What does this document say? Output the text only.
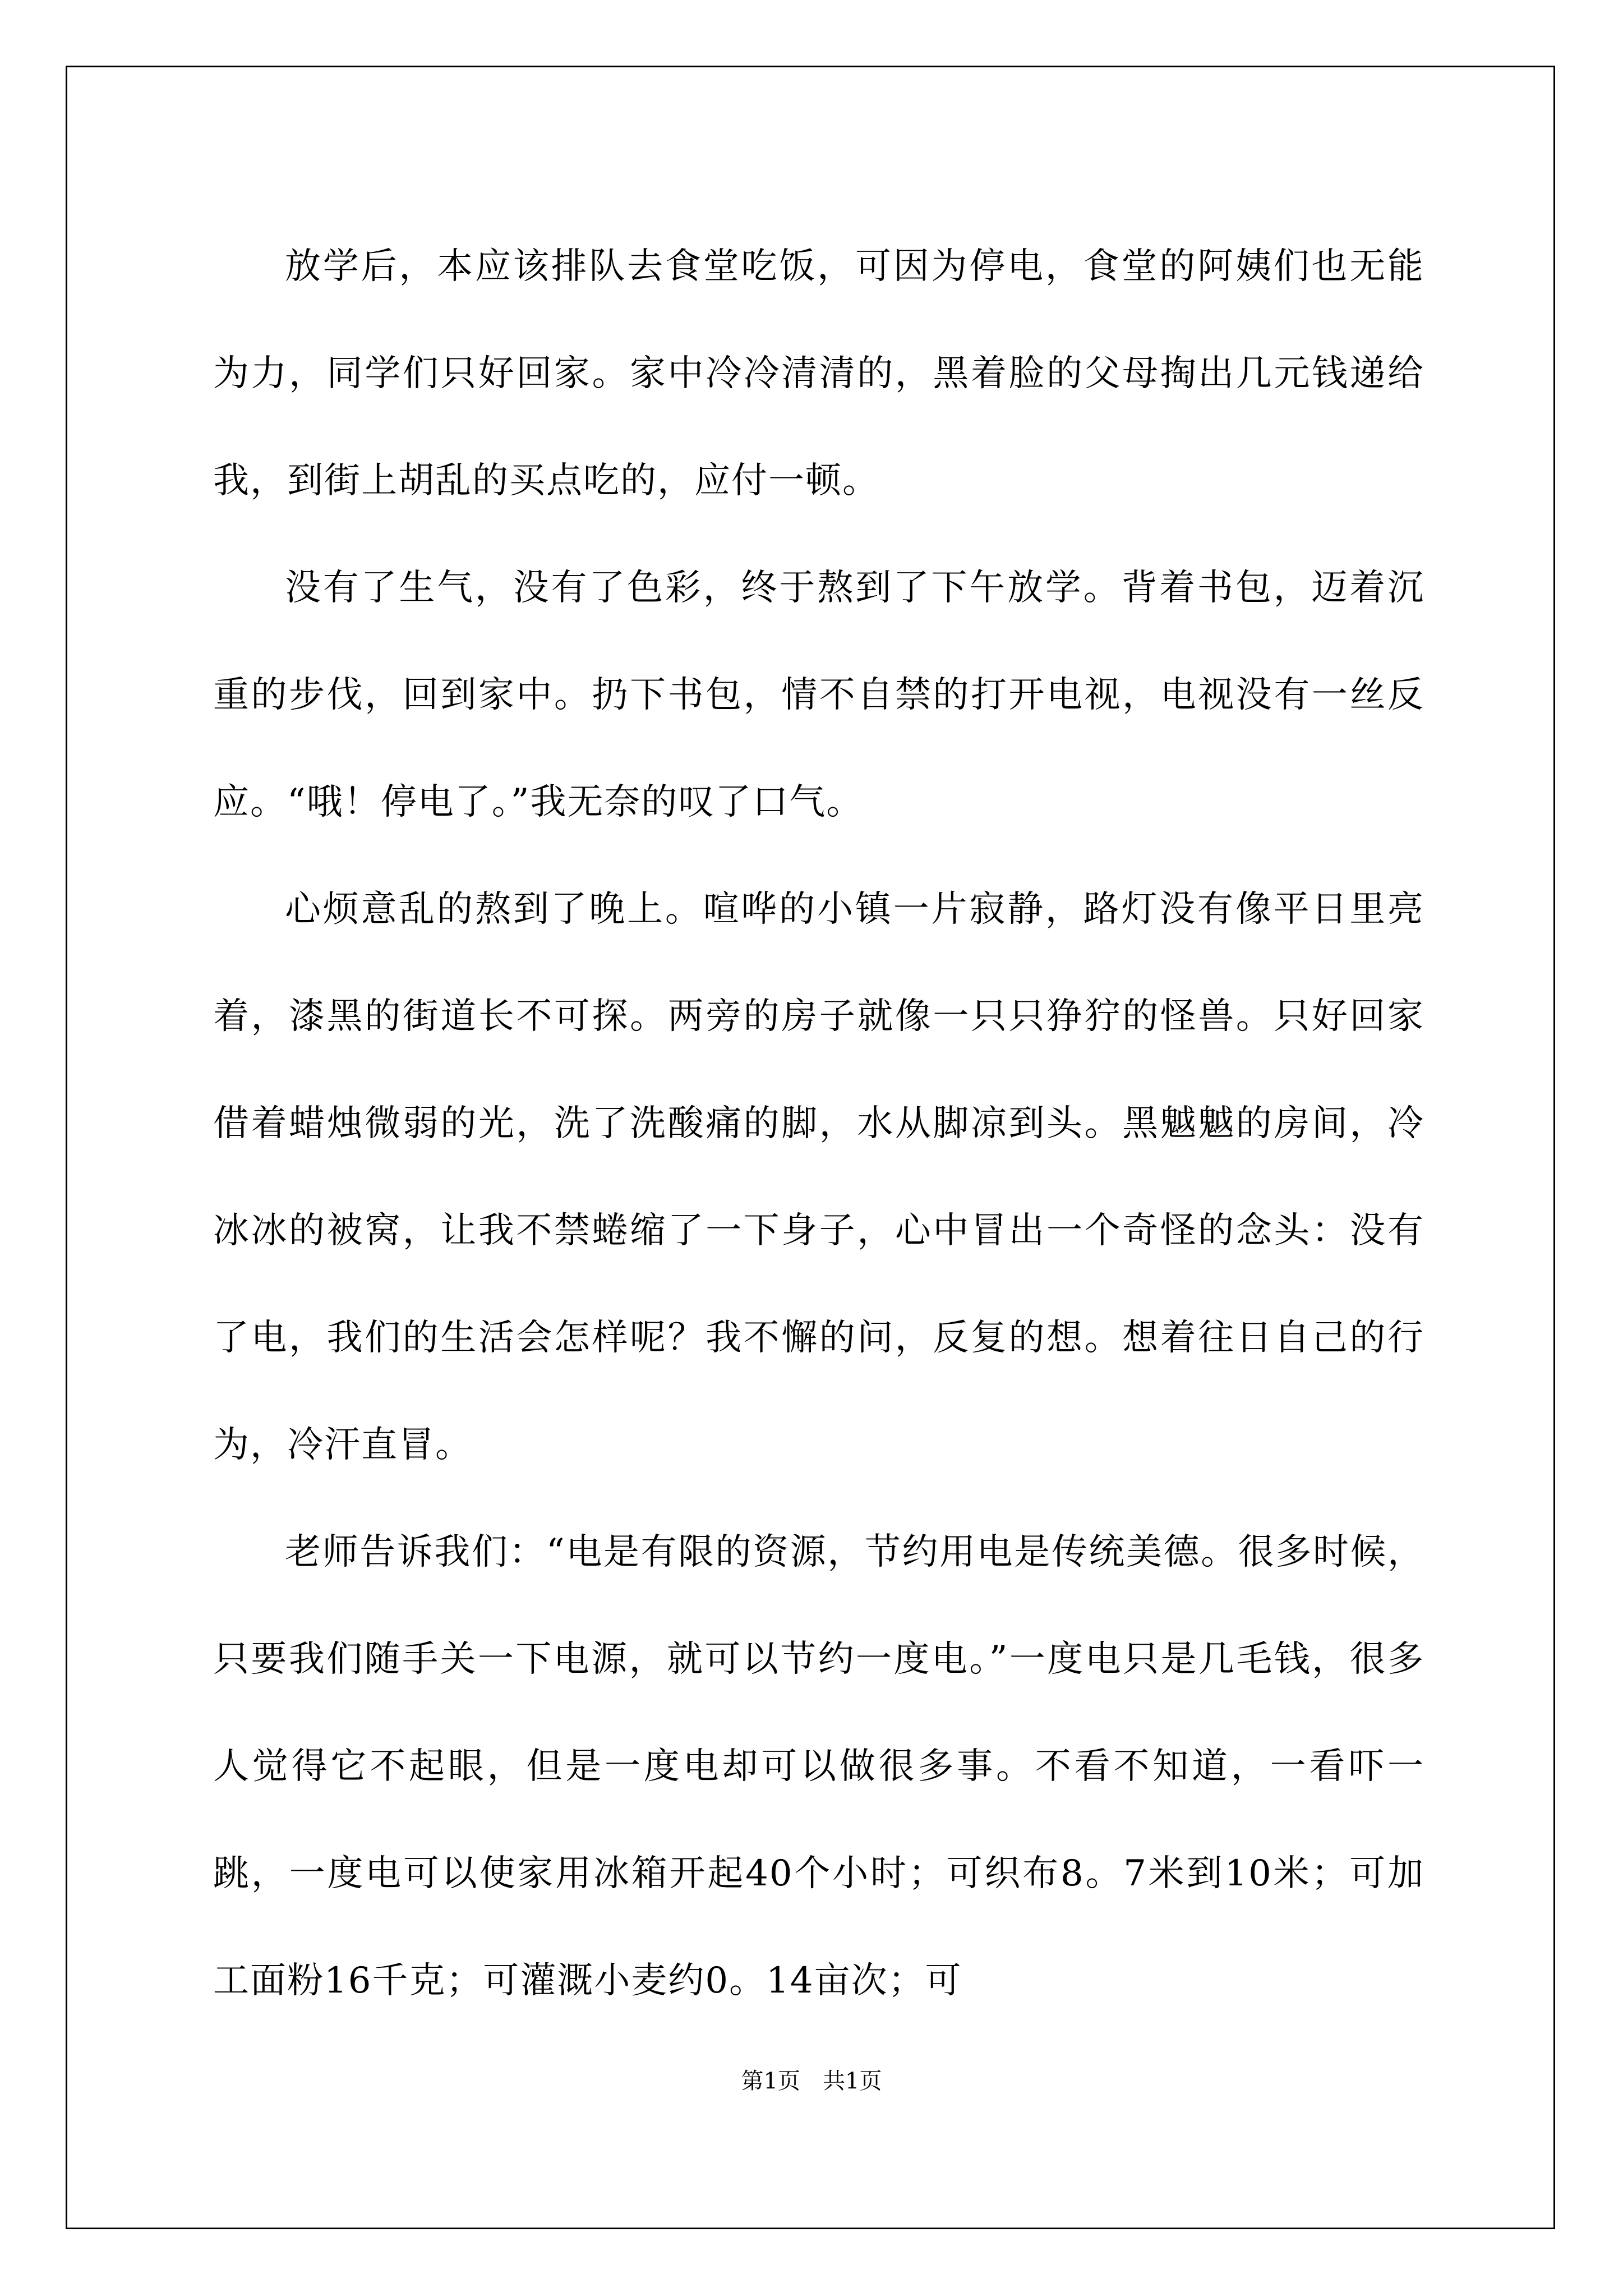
放学后，本应该排队去食堂吃饭，可因为停电，食堂的阿姨们也无能为力，同学们只好回家。家中冷冷清清的，黑着脸的父母掏出几元钱递给我，到街上胡乱的买点吃的，应付一顿。

没有了生气，没有了色彩，终于熬到了下午放学。背着书包，迈着沉重的步伐，回到家中。扔下书包，情不自禁的打开电视，电视没有一丝反应。“哦！停电了。”我无奈的叹了口气。

心烦意乱的熬到了晚上。喧哗的小镇一片寂静，路灯没有像平日里亮着，漆黑的街道长不可探。两旁的房子就像一只只狰狞的怪兽。只好回家借着蜡烛微弱的光，洗了洗酸痛的脚，水从脚凉到头。黑魆魆的房间，冷冰冰的被窝，让我不禁蜷缩了一下身子，心中冒出一个奇怪的念头：没有了电，我们的生活会怎样呢？我不懈的问，反复的想。想着往日自己的行为，冷汗直冒。

老师告诉我们：“电是有限的资源，节约用电是传统美德。很多时候，只要我们随手关一下电源，就可以节约一度电。”一度电只是几毛钱，很多人觉得它不起眼，但是一度电却可以做很多事。不看不知道，一看吓一跳，一度电可以使家用冰箱开起40个小时；可织布8。7米到10米；可加工面粉16千克；可灌溉小麦约0。14亩次；可

第1页　共1页
